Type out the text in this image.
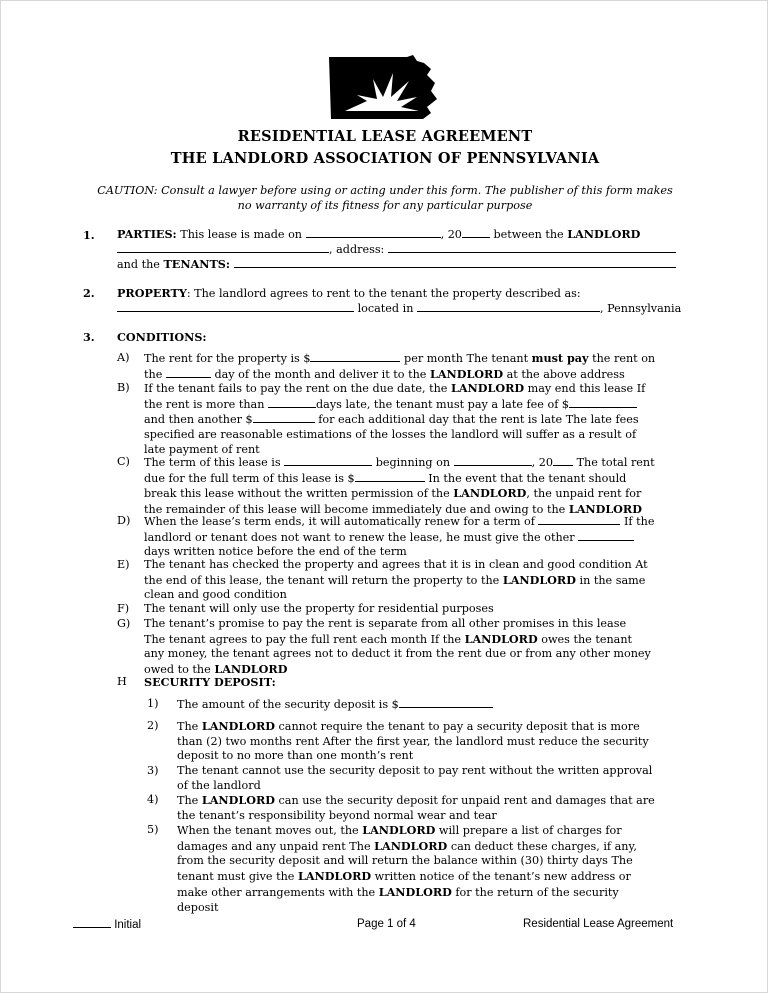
RESIDENTIAL LEASE AGREEMENT
THE LANDLORD ASSOCIATION OF PENNSYLVANIA
CAUTION: Consult a lawyer before using or acting under this form. The publisher of this form makes
no warranty of its fitness for any particular purpose
1. PARTIES: This lease is made on	, 20	between the LANDLORD
, address:
and the TENANTS:
2. PROPERTY: The landlord agrees to rent to the tenant the property described as:
located in	, Pennsylvania
3. CONDITIONS:
A) The rent for the property is $	per month The tenant must pay the rent on
the	day of the month and deliver it to the LANDLORD at the above address
B) If the tenant fails to pay the rent on the due date, the LANDLORD may end this lease If
the rent is more than	days late, the tenant must pay a late fee of $
and then another $	for each additional day that the rent is late The late fees
specified are reasonable estimations of the losses the landlord will suffer as a result of
late payment of rent
C) The term of this lease is	beginning on	, 20 The total rent
due for the full term of this lease is $	In the event that the tenant should
break this lease without the written permission of the LANDLORD, the unpaid rent for
the remainder of this lease will become immediately due and owing to the LANDLORD
D) When the lease’s term ends, it will automatically renew for a term of	If the
landlord or tenant does not want to renew the lease, he must give the other
days written notice before the end of the term
E) The tenant has checked the property and agrees that it is in clean and good condition At
the end of this lease, the tenant will return the property to the LANDLORD in the same
clean and good condition
F) The tenant will only use the property for residential purposes
G) The tenant’s promise to pay the rent is separate from all other promises in this lease
The tenant agrees to pay the full rent each month If the LANDLORD owes the tenant
any money, the tenant agrees not to deduct it from the rent due or from any other money
owed to the LANDLORD
H SECURITY DEPOSIT:
1) The amount of the security deposit is $
2) The LANDLORD cannot require the tenant to pay a security deposit that is more
than (2) two months rent After the first year, the landlord must reduce the security
deposit to no more than one month’s rent
3) The tenant cannot use the security deposit to pay rent without the written approval
of the landlord
4) The LANDLORD can use the security deposit for unpaid rent and damages that are
the tenant’s responsibility beyond normal wear and tear
5) When the tenant moves out, the LANDLORD will prepare a list of charges for
damages and any unpaid rent The LANDLORD can deduct these charges, if any,
from the security deposit and will return the balance within (30) thirty days The
tenant must give the LANDLORD written notice of the tenant’s new address or
make other arrangements with the LANDLORD for the return of the security
deposit
Initial	Page 1 of 4	Residential Lease Agreement
